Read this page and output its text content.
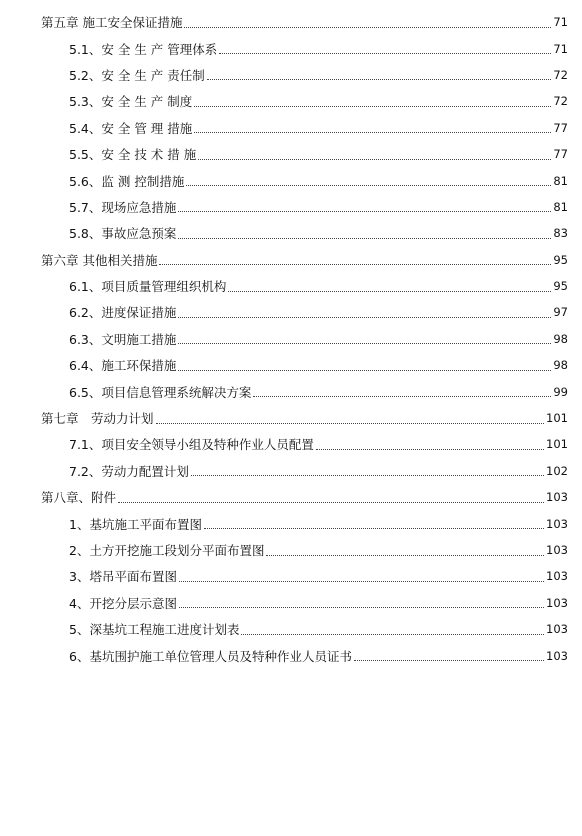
第五章 施工安全保证措施	71
5.1、安 全 生 产 管理体系	71
5.2、安 全 生 产 责任制	72
5.3、安 全 生 产 制度	72
5.4、安 全 管 理 措施	77
5.5、安 全 技 术 措 施	77
5.6、监 测 控制措施	81
5.7、现场应急措施	81
5.8、事故应急预案	83
第六章 其他相关措施	95
6.1、项目质量管理组织机构	95
6.2、进度保证措施	97
6.3、文明施工措施	98
6.4、施工环保措施	98
6.5、项目信息管理系统解决方案	99
第七章　劳动力计划	101
7.1、项目安全领导小组及特种作业人员配置	101
7.2、劳动力配置计划	102
第八章、附件	103
1、基坑施工平面布置图	103
2、土方开挖施工段划分平面布置图	103
3、塔吊平面布置图	103
4、开挖分层示意图	103
5、深基坑工程施工进度计划表	103
6、基坑围护施工单位管理人员及特种作业人员证书	103
